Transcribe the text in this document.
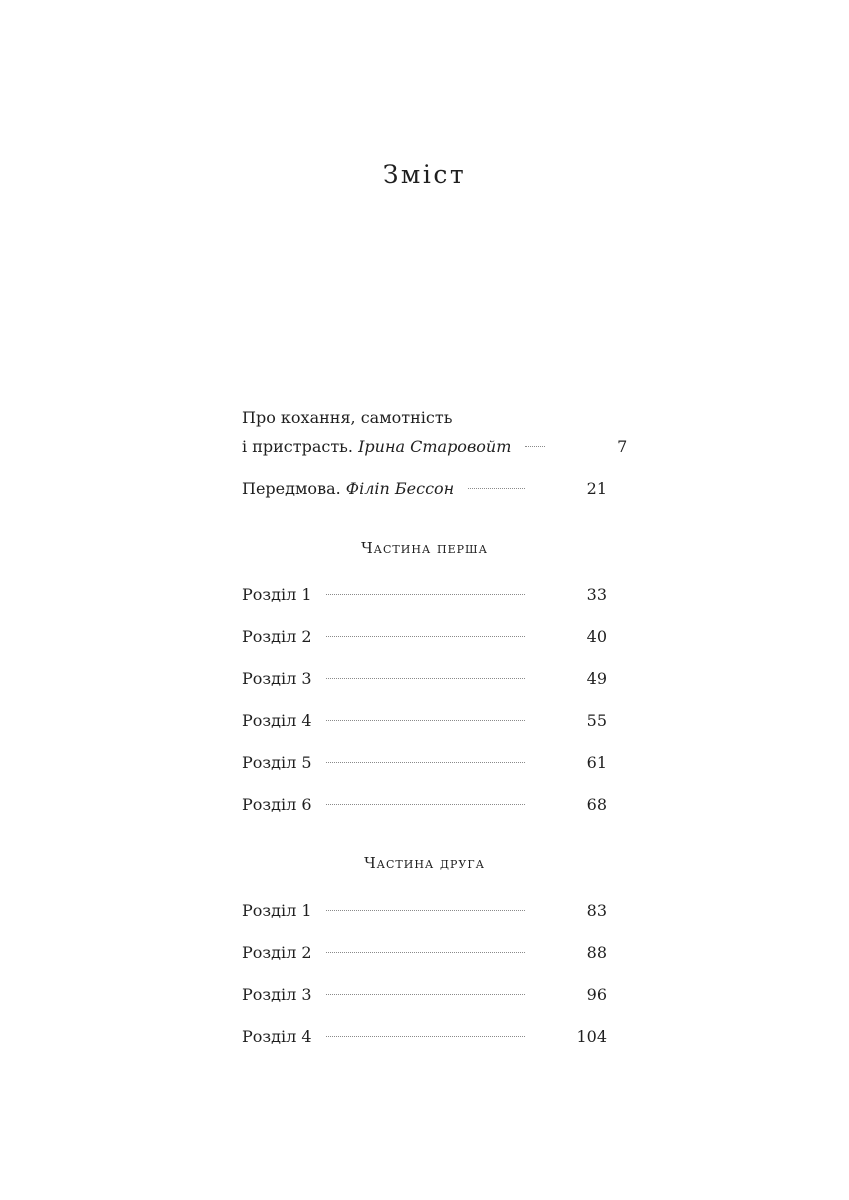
Зміст
Про кохання, самотність
і пристрасть. Ірина Старовойт	7
Передмова. Філіп Бессон	21
Частина перша
Розділ 1	33
Розділ 2	40
Розділ 3	49
Розділ 4	55
Розділ 5	61
Розділ 6	68
Частина друга
Розділ 1	83
Розділ 2	88
Розділ 3	96
Розділ 4	104
